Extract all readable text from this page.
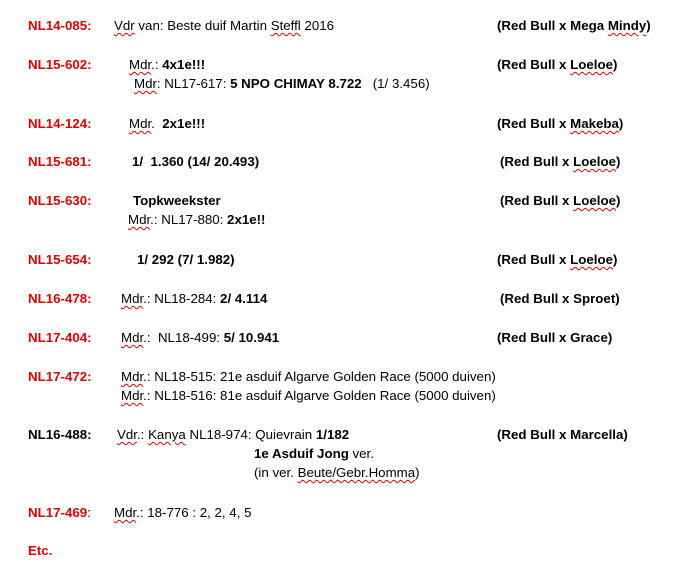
NL14-085: Vdr van: Beste duif Martin Steffl 2016	(Red Bull x Mega Mindy)
NL15-602:	Mdr.: 4x1e!!!
Mdr: NL17-617: 5 NPO CHIMAY 8.722   (1/ 3.456)
(Red Bull x Loeloe)
NL14-124:	Mdr.  2x1e!!!	(Red Bull x Makeba)
NL15-681:	1/  1.360 (14/ 20.493)	(Red Bull x Loeloe)
NL15-630:	Topkweekster
Mdr.: NL17-880: 2x1e!!
(Red Bull x Loeloe)
NL15-654:	1/ 292 (7/ 1.982)	(Red Bull x Loeloe)
NL16-478: Mdr.: NL18-284: 2/ 4.114	(Red Bull x Sproet)
NL17-404: Mdr.:  NL18-499: 5/ 10.941	(Red Bull x Grace)
NL17-472: Mdr.: NL18-515: 21e asduif Algarve Golden Race (5000 duiven)
Mdr.: NL18-516: 81e asduif Algarve Golden Race (5000 duiven)
NL16-488: Vdr.: Kanya NL18-974: Quievrain 1/182
1e Asduif Jong ver.
(in ver. Beute/Gebr.Homma)
(Red Bull x Marcella)
NL17-469: Mdr.: 18-776 : 2, 2, 4, 5
Etc.
